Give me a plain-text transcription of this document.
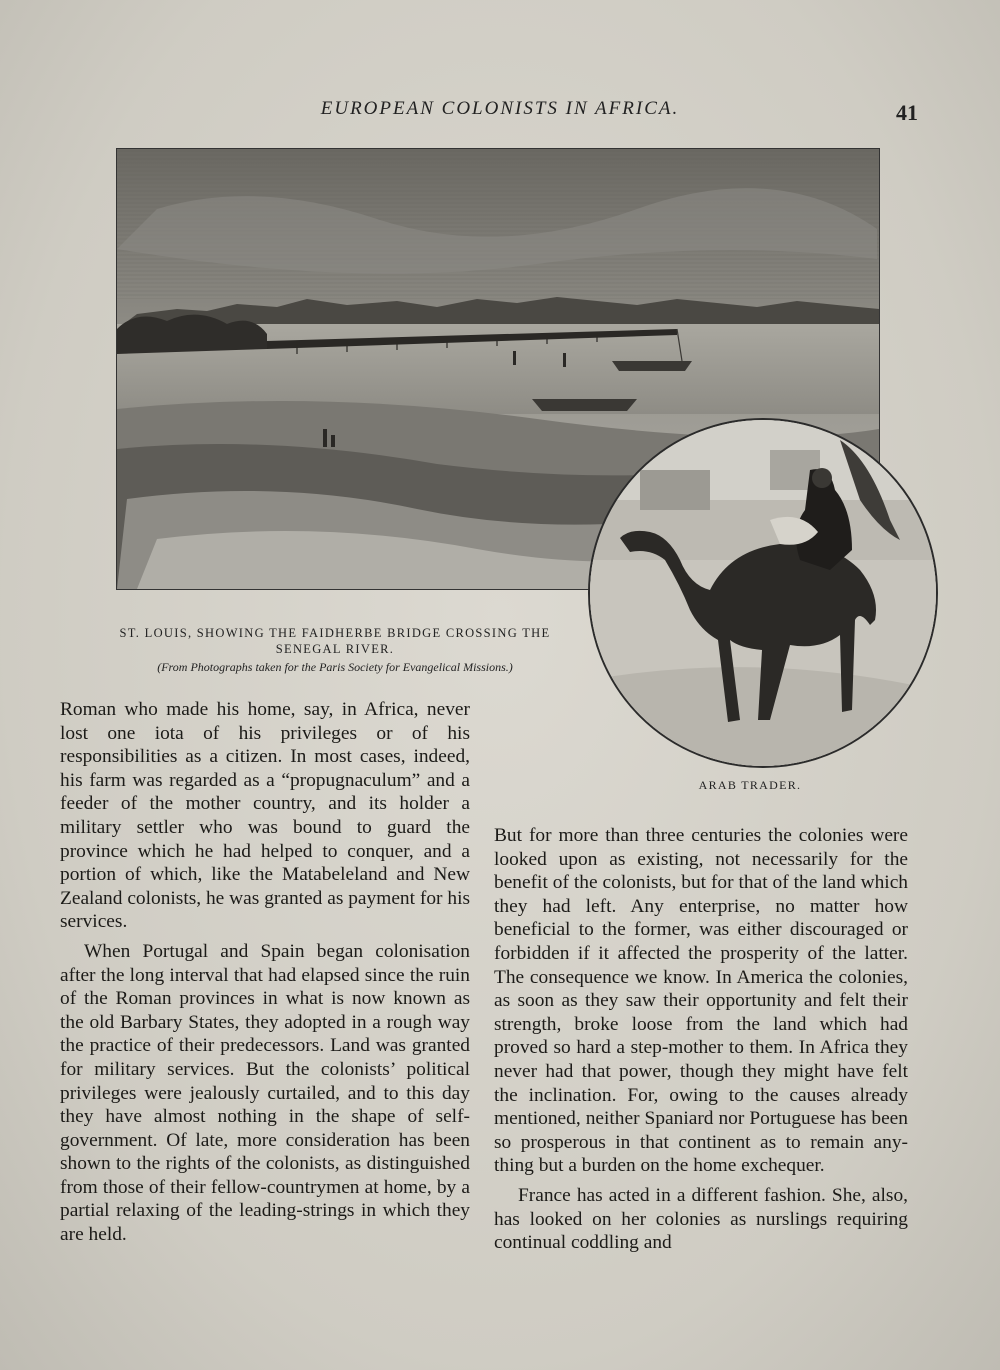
EUROPEAN COLONISTS IN AFRICA.	41
ST. LOUIS, SHOWING THE FAIDHERBE BRIDGE CROSSING THE SENEGAL RIVER.
(From Photographs taken for the Paris Society for Evangelical Missions.)
ARAB TRADER.

Roman who made his home, say, in Africa, never lost one iota of his privileges or of his responsibilities as a citizen. In most cases, indeed, his farm was regarded as a “propugnaculum” and a feeder of the mother country, and its holder a military settler who was bound to guard the province which he had helped to conquer, and a portion of which, like the Matabeleland and New Zealand colonists, he was granted as payment for his services.

When Portugal and Spain began colonisation after the long interval that had elapsed since the ruin of the Roman provinces in what is now known as the old Barbary States, they adopted in a rough way the practice of their predecessors. Land was granted for military services. But the colonists’ political privileges were jealously curtailed, and to this day they have almost nothing in the shape of self-government. Of late, more consideration has been shown to the rights of the colonists, as distinguished from those of their fellow-countrymen at home, by a partial relaxing of the leading-strings in which they are held.

But for more than three centuries the colonies were looked upon as existing, not necessarily for the benefit of the colonists, but for that of the land which they had left. Any enterprise, no matter how beneficial to the former, was either discouraged or forbidden if it affected the prosperity of the latter. The consequence we know. In America the colonies, as soon as they saw their opportunity and felt their strength, broke loose from the land which had proved so hard a step-mother to them. In Africa they never had that power, though they might have felt the inclination. For, owing to the causes already mentioned, neither Spaniard nor Portuguese has been so prosperous in that continent as to remain any-thing but a burden on the home exchequer.

France has acted in a different fashion. She, also, has looked on her colonies as nurslings requiring continual coddling and
